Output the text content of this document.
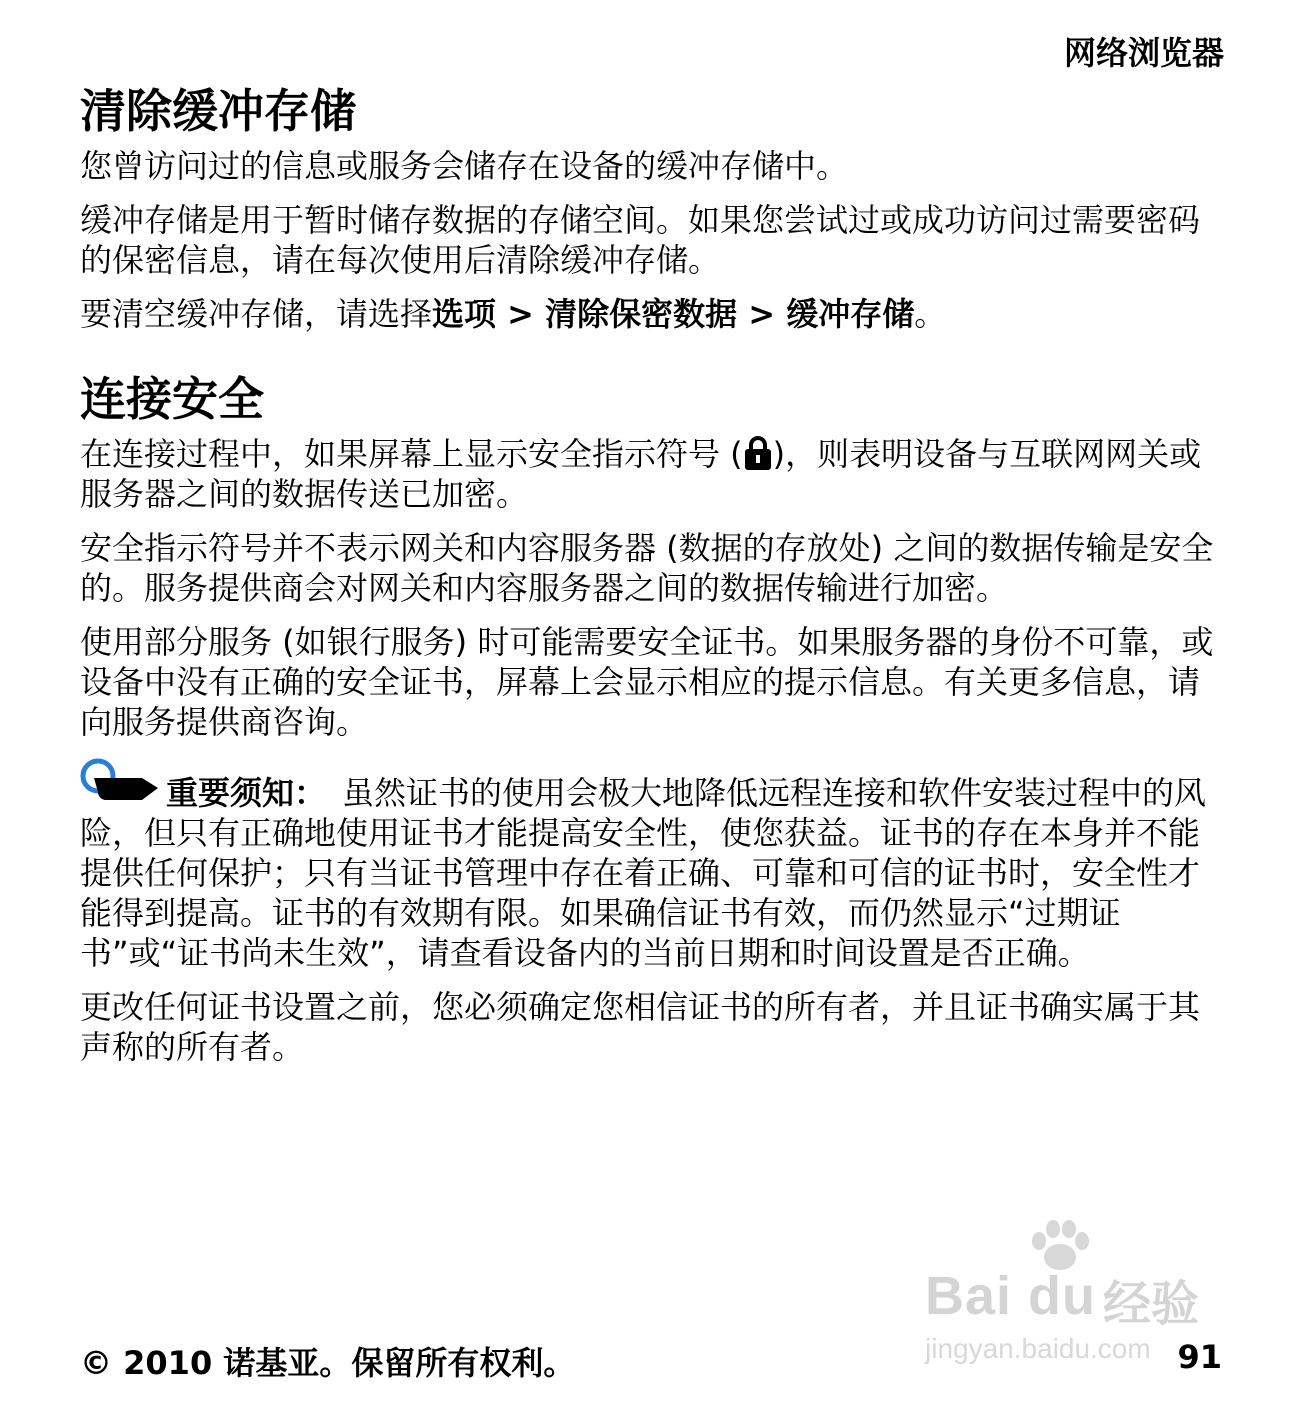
网络浏览器
清除缓冲存储

您曾访问过的信息或服务会储存在设备的缓冲存储中。

缓冲存储是用于暂时储存数据的存储空间。如果您尝试过或成功访问过需要密码的保密信息，请在每次使用后清除缓冲存储。

要清空缓冲存储，请选择选项 > 清除保密数据 > 缓冲存储。

连接安全

在连接过程中，如果屏幕上显示安全指示符号 ( )，则表明设备与互联网网关或服务器之间的数据传送已加密。

安全指示符号并不表示网关和内容服务器 (数据的存放处) 之间的数据传输是安全的。服务提供商会对网关和内容服务器之间的数据传输进行加密。

使用部分服务 (如银行服务) 时可能需要安全证书。如果服务器的身份不可靠，或设备中没有正确的安全证书，屏幕上会显示相应的提示信息。有关更多信息，请向服务提供商咨询。

重要须知：　虽然证书的使用会极大地降低远程连接和软件安装过程中的风险，但只有正确地使用证书才能提高安全性，使您获益。证书的存在本身并不能提供任何保护；只有当证书管理中存在着正确、可靠和可信的证书时，安全性才能得到提高。证书的有效期有限。如果确信证书有效，而仍然显示“过期证书”或“证书尚未生效”，请查看设备内的当前日期和时间设置是否正确。

更改任何证书设置之前，您必须确定您相信证书的所有者，并且证书确实属于其声称的所有者。

Bai du 经验
jingyan.baidu.com
© 2010 诺基亚。保留所有权利。	91
